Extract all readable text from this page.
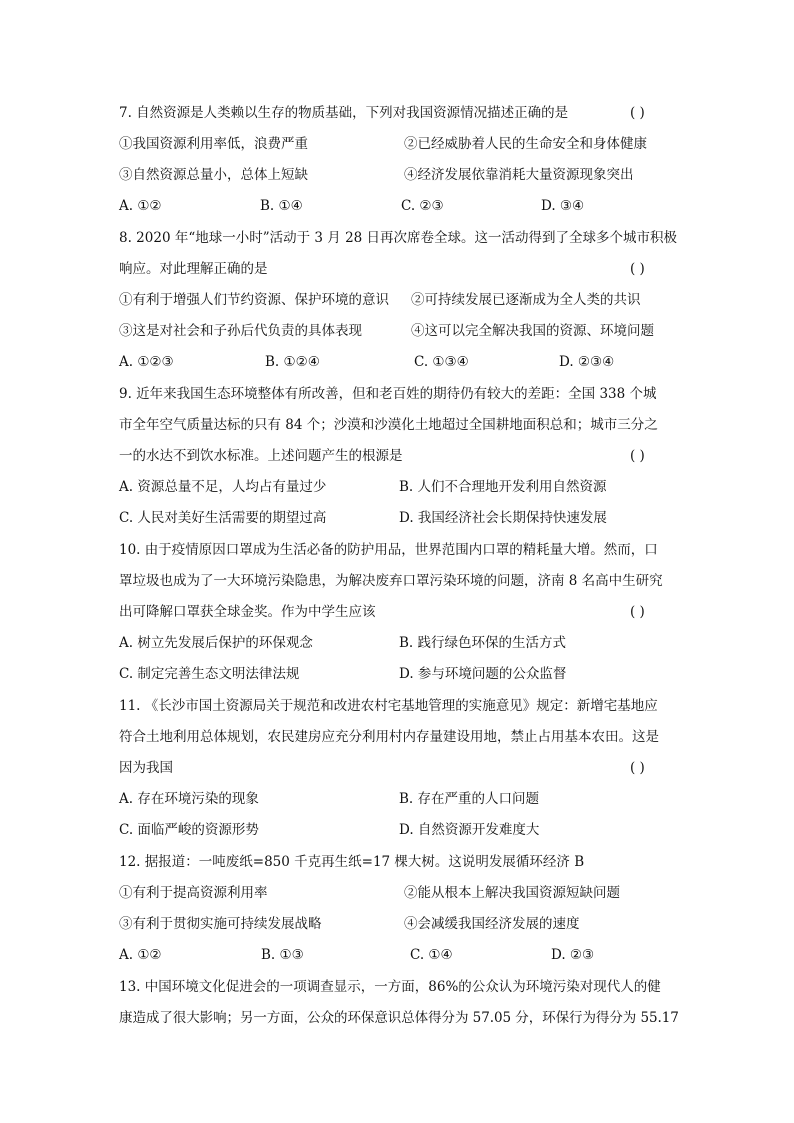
7. 自然资源是人类赖以生存的物质基础，下列对我国资源情况描述正确的是	( )
①我国资源利用率低，浪费严重	②已经威胁着人民的生命安全和身体健康
③自然资源总量小，总体上短缺	④经济发展依靠消耗大量资源现象突出
A. ①②	B. ①④	C. ②③	D. ③④
8. 2020 年“地球一小时”活动于 3 月 28 日再次席卷全球。这一活动得到了全球多个城市积极
响应。对此理解正确的是	( )
①有利于增强人们节约资源、保护环境的意识	②可持续发展已逐渐成为全人类的共识
③这是对社会和子孙后代负责的具体表现	④这可以完全解决我国的资源、环境问题
A. ①②③	B. ①②④	C. ①③④	D. ②③④
9. 近年来我国生态环境整体有所改善，但和老百姓的期待仍有较大的差距：全国 338 个城
市全年空气质量达标的只有 84 个；沙漠和沙漠化土地超过全国耕地面积总和；城市三分之
一的水达不到饮水标准。上述问题产生的根源是	( )
A. 资源总量不足，人均占有量过少	B. 人们不合理地开发利用自然资源
C. 人民对美好生活需要的期望过高	D. 我国经济社会长期保持快速发展
10. 由于疫情原因口罩成为生活必备的防护用品，世界范围内口罩的精耗量大增。然而，口
罩垃圾也成为了一大环境污染隐患，为解决废弃口罩污染环境的问题，济南 8 名高中生研究
出可降解口罩获全球金奖。作为中学生应该	( )
A. 树立先发展后保护的环保观念	B. 践行绿色环保的生活方式
C. 制定完善生态文明法律法规	D. 参与环境问题的公众监督
11. 《长沙市国土资源局关于规范和改进农村宅基地管理的实施意见》规定：新增宅基地应
符合土地利用总体规划，农民建房应充分利用村内存量建设用地，禁止占用基本农田。这是
因为我国	( )
A. 存在环境污染的现象	B. 存在严重的人口问题
C. 面临严峻的资源形势	D. 自然资源开发难度大
12. 据报道：一吨废纸=850 千克再生纸=17 棵大树。这说明发展循环经济 B
①有利于提高资源利用率	②能从根本上解决我国资源短缺问题
③有利于贯彻实施可持续发展战略	④会减缓我国经济发展的速度
A. ①②	B. ①③	C. ①④	D. ②③
13. 中国环境文化促进会的一项调查显示，一方面，86%的公众认为环境污染对现代人的健
康造成了很大影响；另一方面，公众的环保意识总体得分为 57.05 分，环保行为得分为 55.17
